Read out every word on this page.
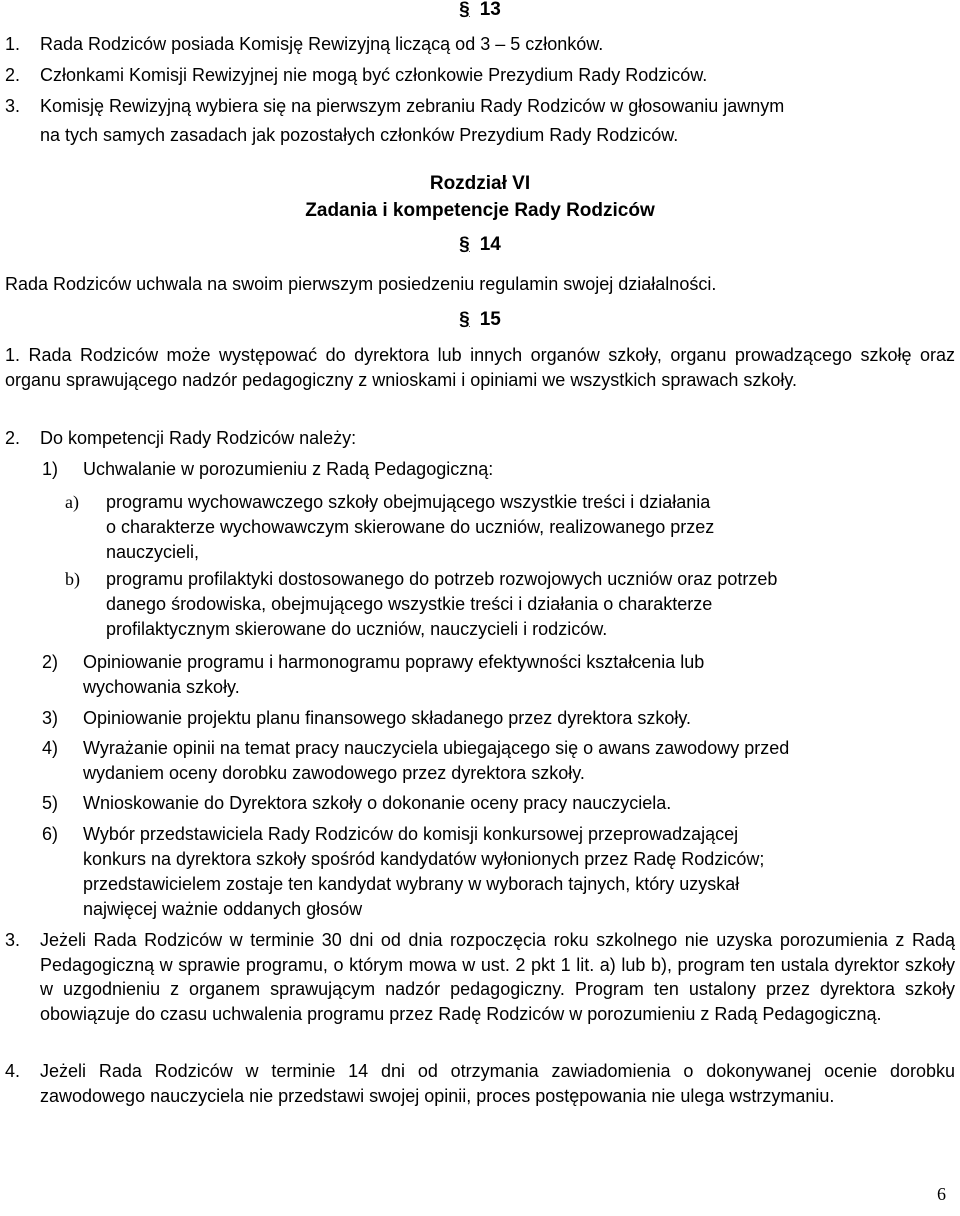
§ 13
1. Rada Rodziców posiada Komisję Rewizyjną liczącą od 3 – 5 członków.
2. Członkami Komisji Rewizyjnej nie mogą być członkowie Prezydium Rady Rodziców.
3. Komisję Rewizyjną wybiera się na pierwszym zebraniu Rady Rodziców w głosowaniu jawnym
na tych samych zasadach jak pozostałych członków Prezydium Rady Rodziców.
Rozdział VI
Zadania i kompetencje Rady Rodziców
§ 14
Rada Rodziców uchwala na swoim pierwszym posiedzeniu regulamin swojej działalności.
§ 15
1. Rada Rodziców może występować do dyrektora lub innych organów szkoły, organu prowadzącego szkołę oraz organu sprawującego nadzór pedagogiczny z wnioskami i opiniami we wszystkich sprawach szkoły.
2. Do kompetencji Rady Rodziców należy:
1) Uchwalanie w porozumieniu z Radą Pedagogiczną:
a) programu wychowawczego szkoły obejmującego wszystkie treści i działania
o charakterze wychowawczym skierowane do uczniów, realizowanego przez
nauczycieli,
b) programu profilaktyki dostosowanego do potrzeb rozwojowych uczniów oraz potrzeb
danego środowiska, obejmującego wszystkie treści i działania o charakterze
profilaktycznym skierowane do uczniów, nauczycieli i rodziców.
2) Opiniowanie programu i harmonogramu poprawy efektywności kształcenia lub
wychowania szkoły.
3) Opiniowanie projektu planu finansowego składanego przez dyrektora szkoły.
4) Wyrażanie opinii na temat pracy nauczyciela ubiegającego się o awans zawodowy przed
wydaniem oceny dorobku zawodowego przez dyrektora szkoły.
5) Wnioskowanie do Dyrektora szkoły o dokonanie oceny pracy nauczyciela.
6) Wybór przedstawiciela Rady Rodziców do komisji konkursowej przeprowadzającej
konkurs na dyrektora szkoły spośród kandydatów wyłonionych przez Radę Rodziców;
przedstawicielem zostaje ten kandydat wybrany w wyborach tajnych, który uzyskał
najwięcej ważnie oddanych głosów
3. Jeżeli Rada Rodziców w terminie 30 dni od dnia rozpoczęcia roku szkolnego nie uzyska porozumienia z Radą Pedagogiczną w sprawie programu, o którym mowa w ust. 2 pkt 1 lit. a) lub b), program ten ustala dyrektor szkoły w uzgodnieniu z organem sprawującym nadzór pedagogiczny. Program ten ustalony przez dyrektora szkoły obowiązuje do czasu uchwalenia programu przez Radę Rodziców w porozumieniu z Radą Pedagogiczną.
4. Jeżeli Rada Rodziców w terminie 14 dni od otrzymania zawiadomienia o dokonywanej ocenie dorobku zawodowego nauczyciela nie przedstawi swojej opinii, proces postępowania nie ulega wstrzymaniu.
6
